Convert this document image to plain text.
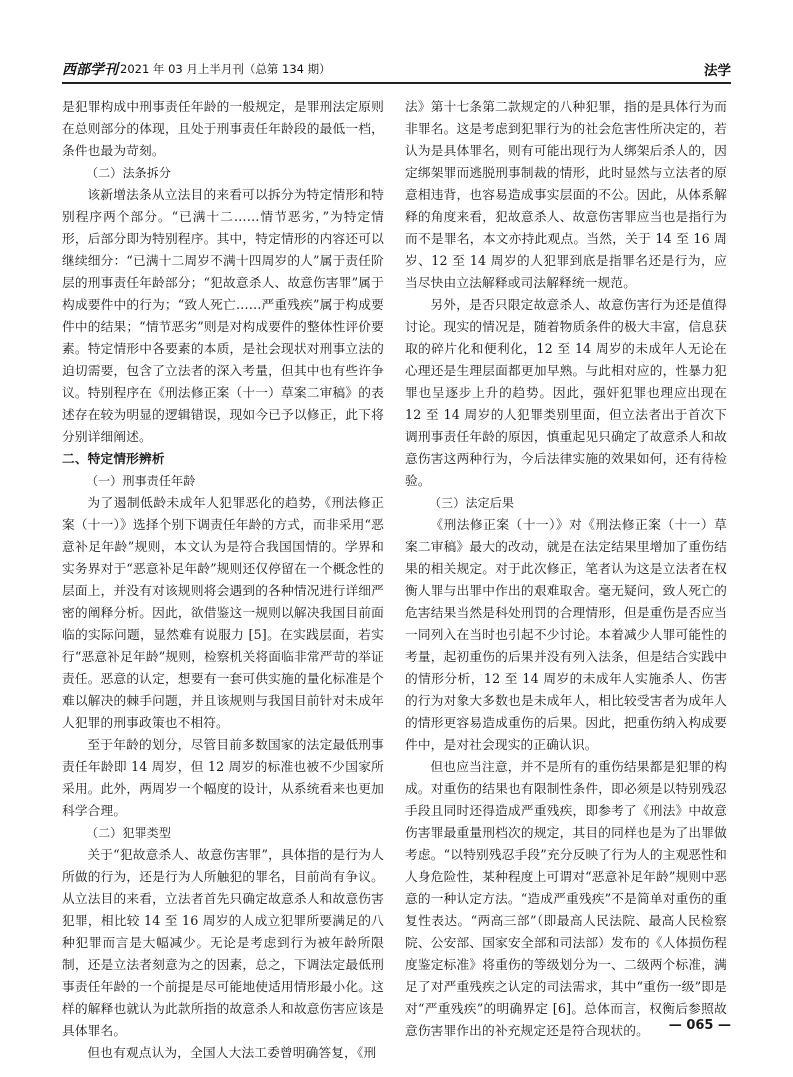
西部学刊 2021 年 03 月上半月刊（总第 134 期）	法学

是犯罪构成中刑事责任年龄的一般规定，是罪刑法定原则在总则部分的体现，且处于刑事责任年龄段的最低一档，条件也最为苛刻。

（二）法条拆分

该新增法条从立法目的来看可以拆分为特定情形和特别程序两个部分。“已满十二……情节恶劣，”为特定情形，后部分即为特别程序。其中，特定情形的内容还可以继续细分：“已满十二周岁不满十四周岁的人”属于责任阶层的刑事责任年龄部分；“犯故意杀人、故意伤害罪”属于构成要件中的行为；“致人死亡……严重残疾”属于构成要件中的结果；“情节恶劣”则是对构成要件的整体性评价要素。特定情形中各要素的本质，是社会现状对刑事立法的迫切需要，包含了立法者的深入考量，但其中也有些许争议。特别程序在《刑法修正案（十一）草案二审稿》的表述存在较为明显的逻辑错误，现如今已予以修正，此下将分别详细阐述。

二、特定情形辨析
（一）刑事责任年龄

为了遏制低龄未成年人犯罪恶化的趋势，《刑法修正案（十一）》选择个别下调责任年龄的方式，而非采用“恶意补足年龄”规则，本文认为是符合我国国情的。学界和实务界对于“恶意补足年龄”规则还仅停留在一个概念性的层面上，并没有对该规则将会遇到的各种情况进行详细严密的阐释分析。因此，欲借鉴这一规则以解决我国目前面临的实际问题，显然难有说服力 [5]。在实践层面，若实行“恶意补足年龄”规则，检察机关将面临非常严苛的举证责任。恶意的认定，想要有一套可供实施的量化标准是个难以解决的棘手问题，并且该规则与我国目前针对未成年人犯罪的刑事政策也不相符。

至于年龄的划分，尽管目前多数国家的法定最低刑事责任年龄即 14 周岁，但 12 周岁的标准也被不少国家所采用。此外，两周岁一个幅度的设计，从系统看来也更加科学合理。

（二）犯罪类型

关于“犯故意杀人、故意伤害罪”，具体指的是行为人所做的行为，还是行为人所触犯的罪名，目前尚有争议。从立法目的来看，立法者首先只确定故意杀人和故意伤害犯罪，相比较 14 至 16 周岁的人成立犯罪所要满足的八种犯罪而言是大幅减少。无论是考虑到行为被年龄所限制，还是立法者刻意为之的因素，总之，下调法定最低刑事责任年龄的一个前提是尽可能地使适用情形最小化。这样的解释也就认为此款所指的故意杀人和故意伤害应该是具体罪名。

但也有观点认为，全国人大法工委曾明确答复，《刑

法》第十七条第二款规定的八种犯罪，指的是具体行为而非罪名。这是考虑到犯罪行为的社会危害性所决定的，若认为是具体罪名，则有可能出现行为人绑架后杀人的，因定绑架罪而逃脱刑事制裁的情形，此时显然与立法者的原意相违背，也容易造成事实层面的不公。因此，从体系解释的角度来看，犯故意杀人、故意伤害罪应当也是指行为而不是罪名，本文亦持此观点。当然，关于 14 至 16 周岁、12 至 14 周岁的人犯罪到底是指罪名还是行为，应当尽快由立法解释或司法解释统一规范。

另外，是否只限定故意杀人、故意伤害行为还是值得讨论。现实的情况是，随着物质条件的极大丰富，信息获取的碎片化和便利化，12 至 14 周岁的未成年人无论在心理还是生理层面都更加早熟。与此相对应的，性暴力犯罪也呈逐步上升的趋势。因此，强奸犯罪也理应出现在 12 至 14 周岁的人犯罪类别里面，但立法者出于首次下调刑事责任年龄的原因，慎重起见只确定了故意杀人和故意伤害这两种行为，今后法律实施的效果如何，还有待检验。

（三）法定后果

《刑法修正案（十一）》对《刑法修正案（十一）草案二审稿》最大的改动，就是在法定结果里增加了重伤结果的相关规定。对于此次修正，笔者认为这是立法者在权衡人罪与出罪中作出的艰难取舍。毫无疑问，致人死亡的危害结果当然是科处刑罚的合理情形，但是重伤是否应当一同列入在当时也引起不少讨论。本着减少人罪可能性的考量，起初重伤的后果并没有列入法条，但是结合实践中的情形分析，12 至 14 周岁的未成年人实施杀人、伤害的行为对象大多数也是未成年人，相比较受害者为成年人的情形更容易造成重伤的后果。因此，把重伤纳入构成要件中，是对社会现实的正确认识。

但也应当注意，并不是所有的重伤结果都是犯罪的构成。对重伤的结果也有限制性条件，即必须是以特别残忍手段且同时还得造成严重残疾，即参考了《刑法》中故意伤害罪最重量刑档次的规定，其目的同样也是为了出罪做考虑。“以特别残忍手段”充分反映了行为人的主观恶性和人身危险性，某种程度上可谓对“恶意补足年龄”规则中恶意的一种认定方法。“造成严重残疾”不是简单对重伤的重复性表达。“两高三部”（即最高人民法院、最高人民检察院、公安部、国家安全部和司法部）发布的《人体损伤程度鉴定标准》将重伤的等级划分为一、二级两个标准，满足了对严重残疾之认定的司法需求，其中“重伤一级”即是对“严重残疾”的明确界定 [6]。总体而言，权衡后参照故意伤害罪作出的补充规定还是符合现状的。	— 065 —
